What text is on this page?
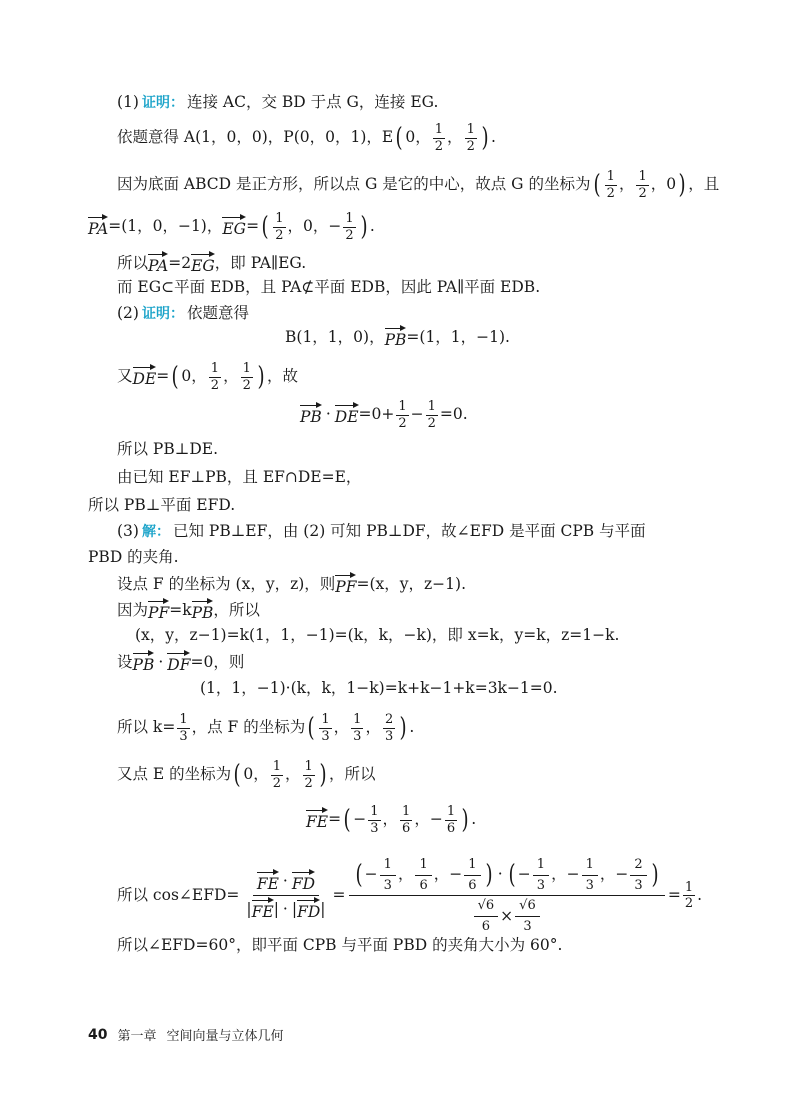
(1) 证明： 连接 AC，交 BD 于点 G，连接 EG.
依题意得 A(1，0，0)，P(0，0，1)，E ( 0， $\frac{1}{2}$ ， $\frac{1}{2}$ ) .
因为底面 ABCD 是正方形，所以点 G 是它的中心，故点 G 的坐标为 ( $\frac{1}{2}$ ， $\frac{1}{2}$ ， 0 ) ，且
PA =(1，0，−1)， EG = ( $\frac{1}{2}$ ， 0，− $\frac{1}{2}$ ) .
所以 PA =2 EG ，即 PA∥EG.
而 EG⊂平面 EDB，且 PA⊄平面 EDB，因此 PA∥平面 EDB.
(2) 证明： 依题意得
B(1，1，0)， PB =(1，1，−1).
又 DE = ( 0， $\frac{1}{2}$ ， $\frac{1}{2}$ ) ，故
PB · DE $=0+ \frac{1}{2} - \frac{1}{2} =0$.
所以 PB⊥DE.
由已知 EF⊥PB，且 EF∩DE=E，
所以 PB⊥平面 EFD.
(3) 解： 已知 PB⊥EF，由 (2) 可知 PB⊥DF，故∠EFD 是平面 CPB 与平面
PBD 的夹角.
设点 F 的坐标为 (x，y，z)，则 PF =(x，y，z−1).
因为 PF =k PB ，所以
(x，y，z−1)=k(1，1，−1)=(k，k，−k)，即 x=k，y=k，z=1−k.
设 PB · DF =0，则
(1，1，−1)·(k，k，1−k)=k+k−1+k=3k−1=0.
所以 $k= \frac{1}{3}$ ，点 F 的坐标为 ( $\frac{1}{3}$ ， $\frac{1}{3}$ ， $\frac{2}{3}$ ) .
又点 E 的坐标为 ( 0， $\frac{1}{2}$ ， $\frac{1}{2}$ ) ，所以
FE = ( − $\frac{1}{3}$ ， $\frac{1}{6}$ ， − $\frac{1}{6}$ ) .
所以 cos∠EFD=
FE · FD
| FE | · | FD |
=
( − $\frac{1}{3}$ ， $\frac{1}{6}$ ， − $\frac{1}{6}$ ) · ( − $\frac{1}{3}$ ， − $\frac{1}{3}$ ， − $\frac{2}{3}$ )
$\frac{√6}{6} \times \frac{√6}{3}$
= $\frac{1}{2}$ .
所以∠EFD=60°，即平面 CPB 与平面 PBD 的夹角大小为 60°.
40 第一章 空间向量与立体几何
